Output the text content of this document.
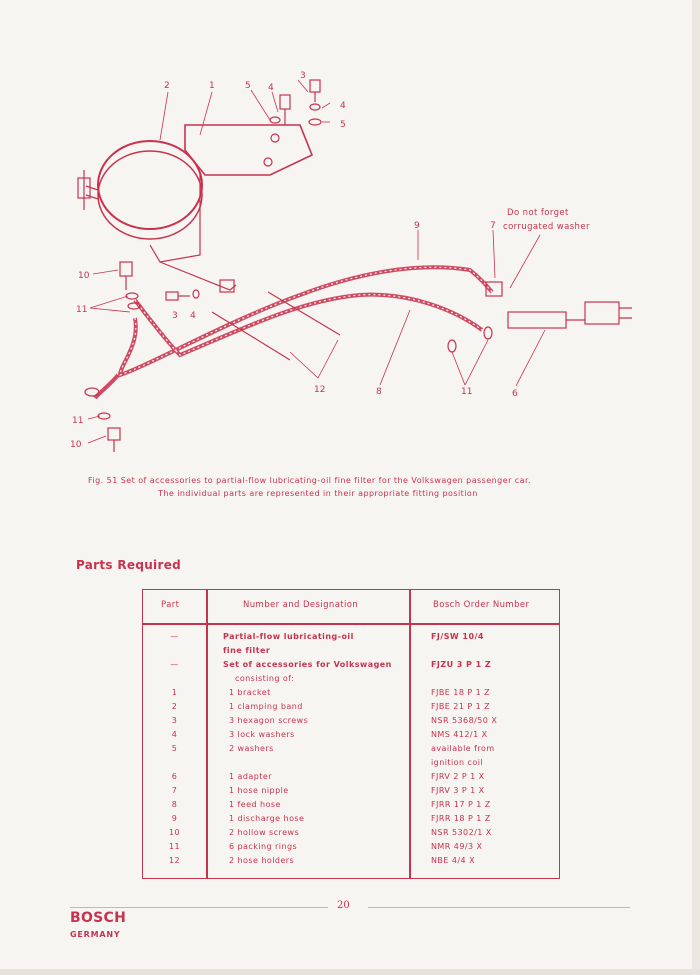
2	1	5 4
3
4
5
10
11
3 4
12	8
9	7
11	6
11
10
Do not forget
corrugated washer
Fig. 51 Set of accessories to partial-flow lubricating-oil fine filter for the Volkswagen passenger car.
The individual parts are represented in their appropriate fitting position
Parts Required
Part	Number and Designation	Bosch Order Number
—	Partial-flow lubricating-oil	FJ/SW 10/4
fine filter
—	Set of accessories for Volkswagen	FJZU 3 P 1 Z
consisting of:
1	1 bracket	FJBE 18 P 1 Z
2	1 clamping band	FJBE 21 P 1 Z
3	3 hexagon screws	NSR 5368/50 X
4	3 lock washers	NMS 412/1 X
5	2 washers	available from
ignition coil
6	1 adapter	FJRV 2 P 1 X
7	1 hose nipple	FJRV 3 P 1 X
8	1 feed hose	FJRR 17 P 1 Z
9	1 discharge hose	FJRR 18 P 1 Z
10	2 hollow screws	NSR 5302/1 X
11	6 packing rings	NMR 49/3 X
12	2 hose holders	NBE 4/4 X
20
BOSCH
GERMANY
